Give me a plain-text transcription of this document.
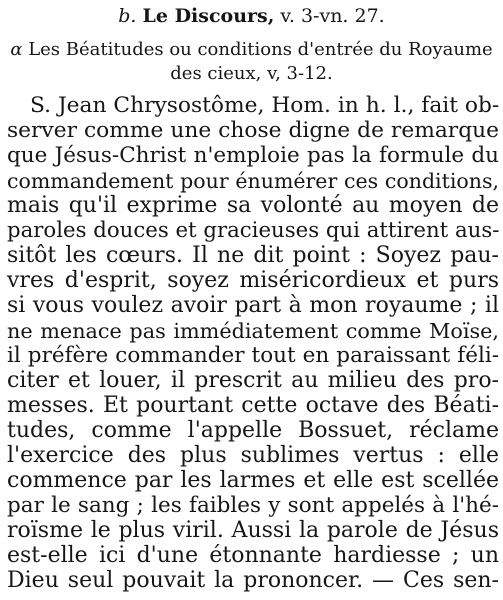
b. Le Discours, v. 3-vn. 27.
α Les Béatitudes ou conditions d'entrée du Royaume
des cieux, v, 3-12.
S. Jean Chrysostôme, Hom. in h. l., fait ob-
server comme une chose digne de remarque
que Jésus-Christ n'emploie pas la formule du
commandement pour énumérer ces conditions,
mais qu'il exprime sa volonté au moyen de
paroles douces et gracieuses qui attirent aus-
sitôt les cœurs. Il ne dit point : Soyez pau-
vres d'esprit, soyez miséricordieux et purs
si vous voulez avoir part à mon royaume ; il
ne menace pas immédiatement comme Moïse,
il préfère commander tout en paraissant féli-
citer et louer, il prescrit au milieu des pro-
messes. Et pourtant cette octave des Béati-
tudes, comme l'appelle Bossuet, réclame
l'exercice des plus sublimes vertus : elle
commence par les larmes et elle est scellée
par le sang ; les faibles y sont appelés à l'hé-
roïsme le plus viril. Aussi la parole de Jésus
est-elle ici d'une étonnante hardiesse ; un
Dieu seul pouvait la prononcer. — Ces sen-
